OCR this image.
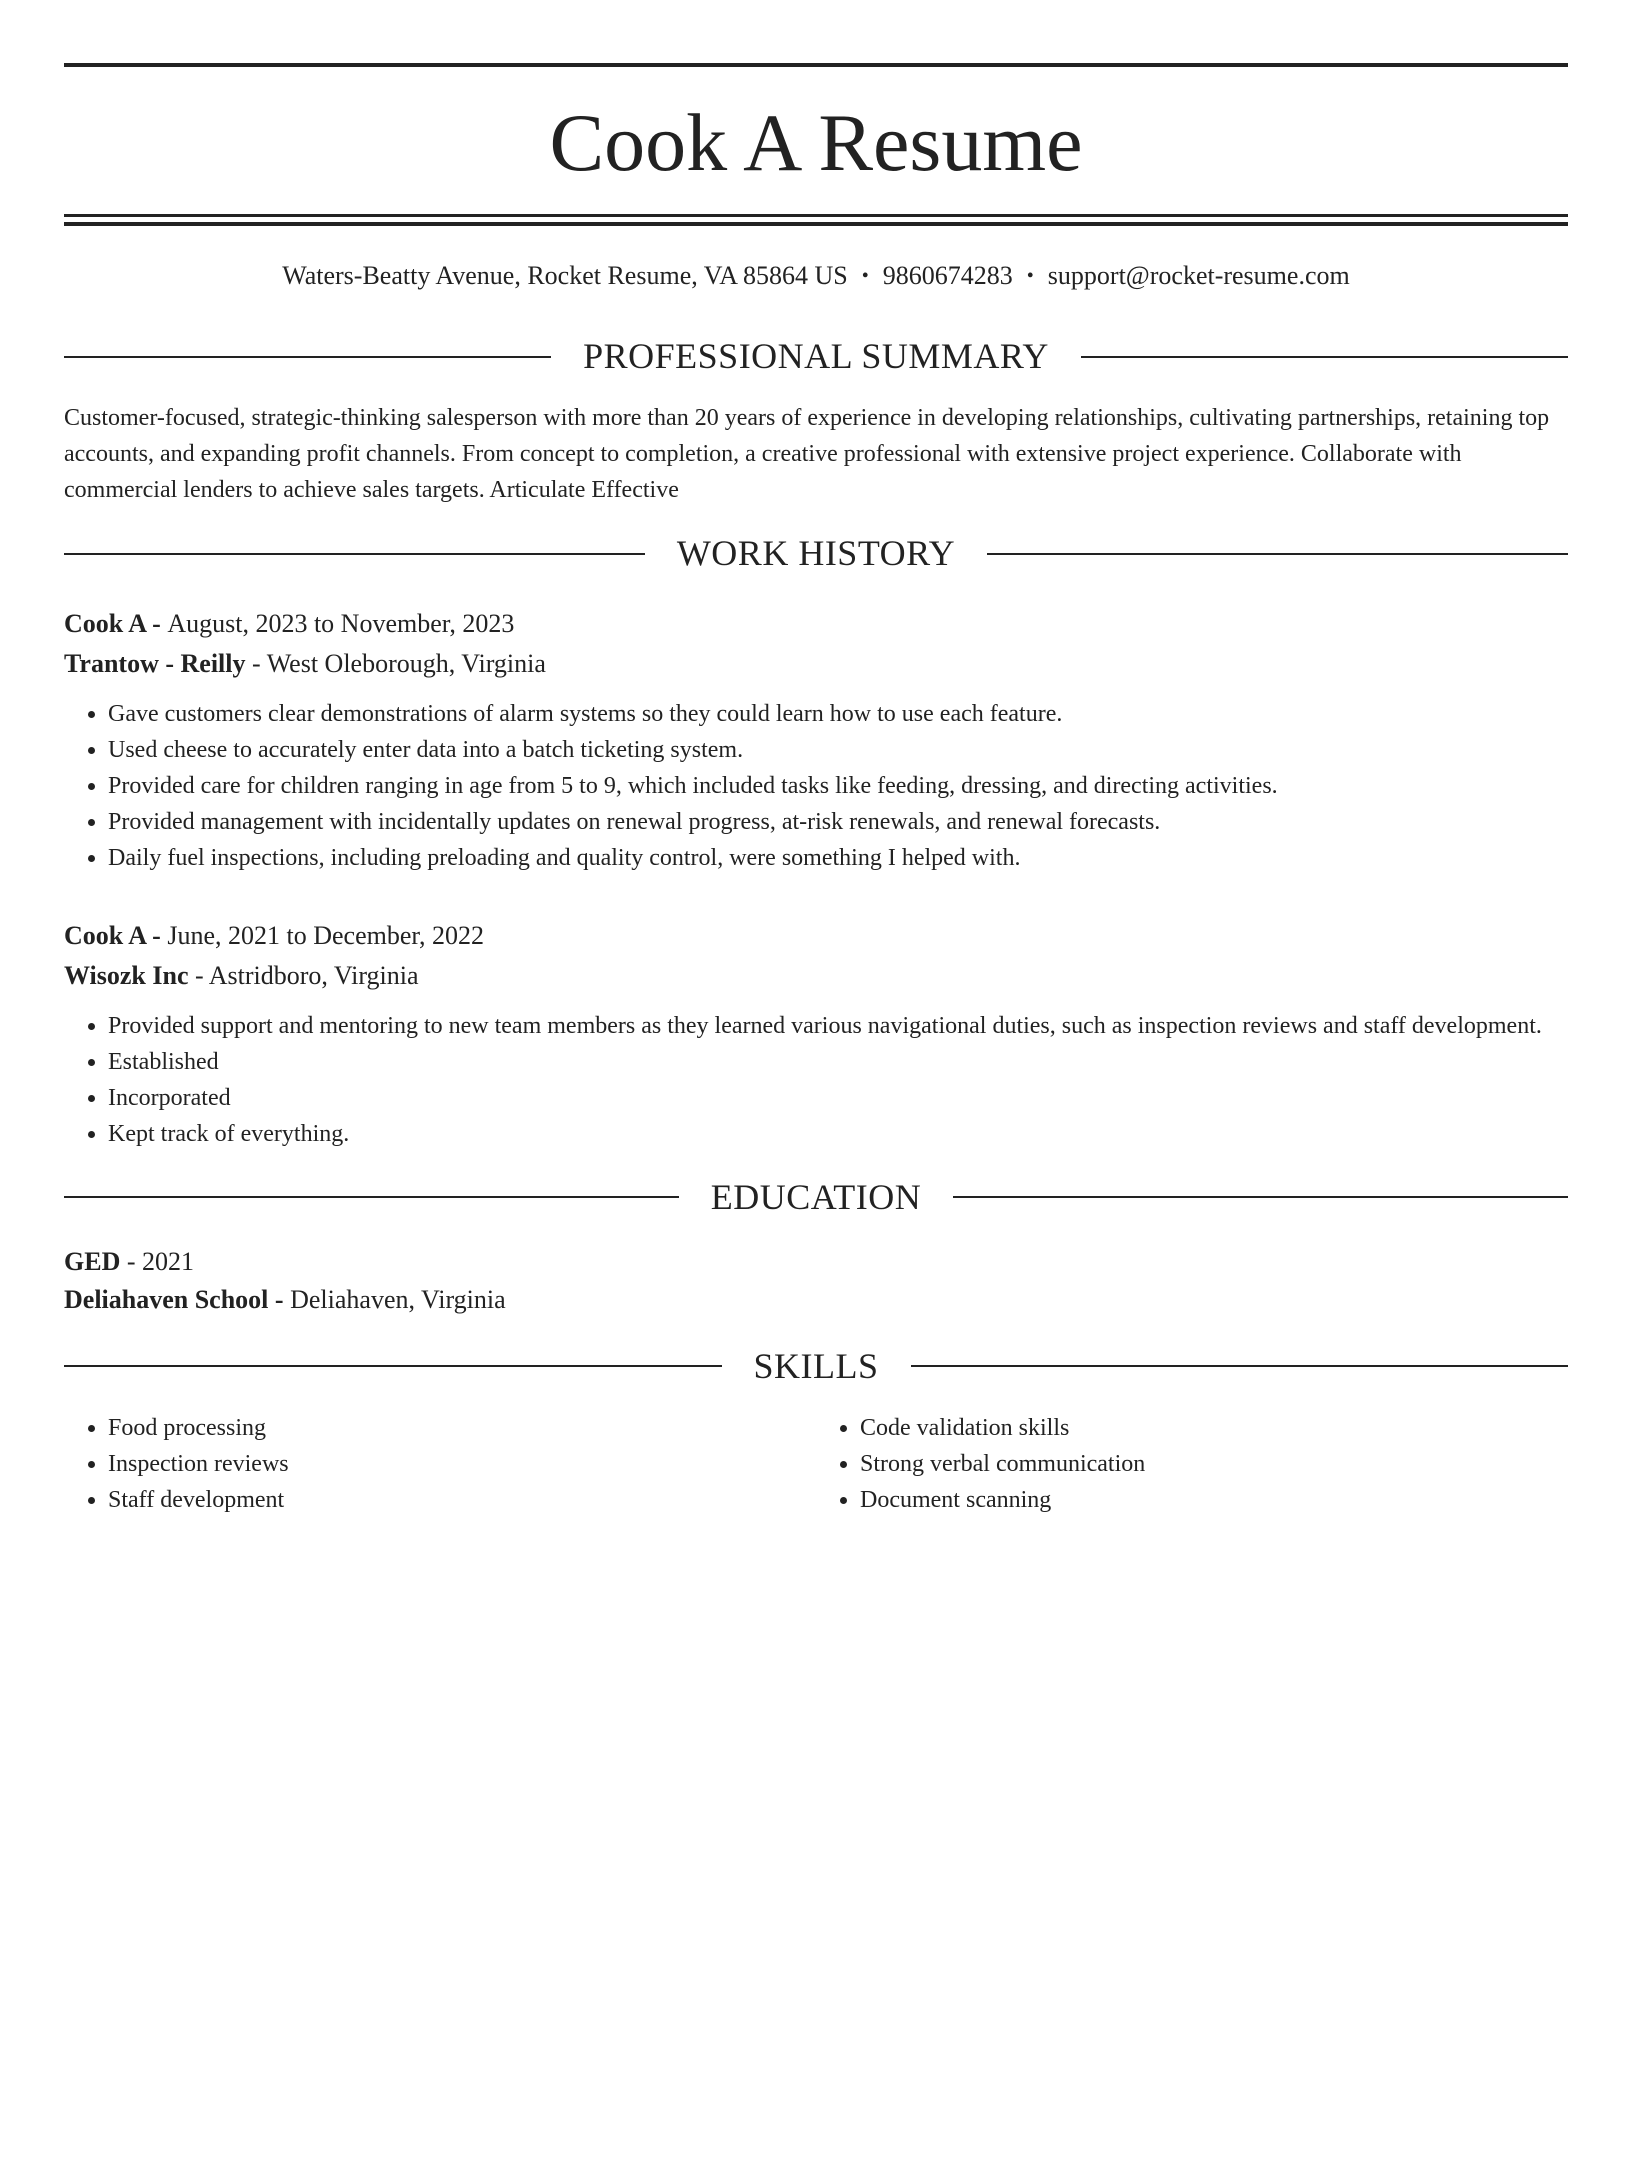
Cook A Resume
Waters-Beatty Avenue, Rocket Resume, VA 85864 US • 9860674283 • support@rocket-resume.com
PROFESSIONAL SUMMARY

Customer-focused, strategic-thinking salesperson with more than 20 years of experience in developing relationships, cultivating partnerships, retaining top accounts, and expanding profit channels. From concept to completion, a creative professional with extensive project experience. Collaborate with commercial lenders to achieve sales targets. Articulate Effective

WORK HISTORY
Cook A - August, 2023 to November, 2023
Trantow - Reilly - West Oleborough, Virginia
• Gave customers clear demonstrations of alarm systems so they could learn how to use each feature.
• Used cheese to accurately enter data into a batch ticketing system.
• Provided care for children ranging in age from 5 to 9, which included tasks like feeding, dressing, and directing activities.
• Provided management with incidentally updates on renewal progress, at-risk renewals, and renewal forecasts.
• Daily fuel inspections, including preloading and quality control, were something I helped with.
Cook A - June, 2021 to December, 2022
Wisozk Inc - Astridboro, Virginia
• Provided support and mentoring to new team members as they learned various navigational duties, such as inspection reviews and staff development.
• Established
• Incorporated
• Kept track of everything.
EDUCATION
GED - 2021
Deliahaven School - Deliahaven, Virginia
SKILLS
• Food processing
• Inspection reviews
• Staff development
• Code validation skills
• Strong verbal communication
• Document scanning
